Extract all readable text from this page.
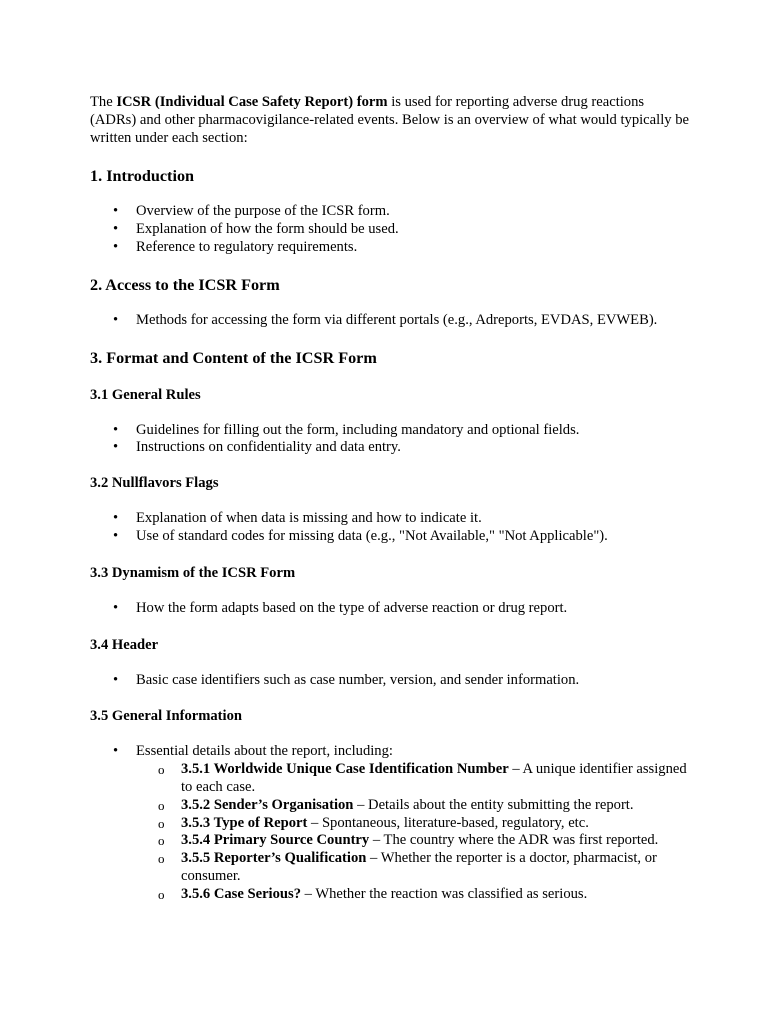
The ICSR (Individual Case Safety Report) form is used for reporting adverse drug reactions (ADRs) and other pharmacovigilance-related events. Below is an overview of what would typically be written under each section:

1. Introduction
• Overview of the purpose of the ICSR form.
• Explanation of how the form should be used.
• Reference to regulatory requirements.
2. Access to the ICSR Form
• Methods for accessing the form via different portals (e.g., Adreports, EVDAS, EVWEB).
3. Format and Content of the ICSR Form
3.1 General Rules
• Guidelines for filling out the form, including mandatory and optional fields.
• Instructions on confidentiality and data entry.
3.2 Nullflavors Flags
• Explanation of when data is missing and how to indicate it.
• Use of standard codes for missing data (e.g., "Not Available," "Not Applicable").
3.3 Dynamism of the ICSR Form
• How the form adapts based on the type of adverse reaction or drug report.
3.4 Header
• Basic case identifiers such as case number, version, and sender information.
3.5 General Information
• Essential details about the report, including:
o 3.5.1 Worldwide Unique Case Identification Number – A unique identifier assigned to each case.
o 3.5.2 Sender’s Organisation – Details about the entity submitting the report.
o 3.5.3 Type of Report – Spontaneous, literature-based, regulatory, etc.
o 3.5.4 Primary Source Country – The country where the ADR was first reported.
o 3.5.5 Reporter’s Qualification – Whether the reporter is a doctor, pharmacist, or consumer.
o 3.5.6 Case Serious? – Whether the reaction was classified as serious.
